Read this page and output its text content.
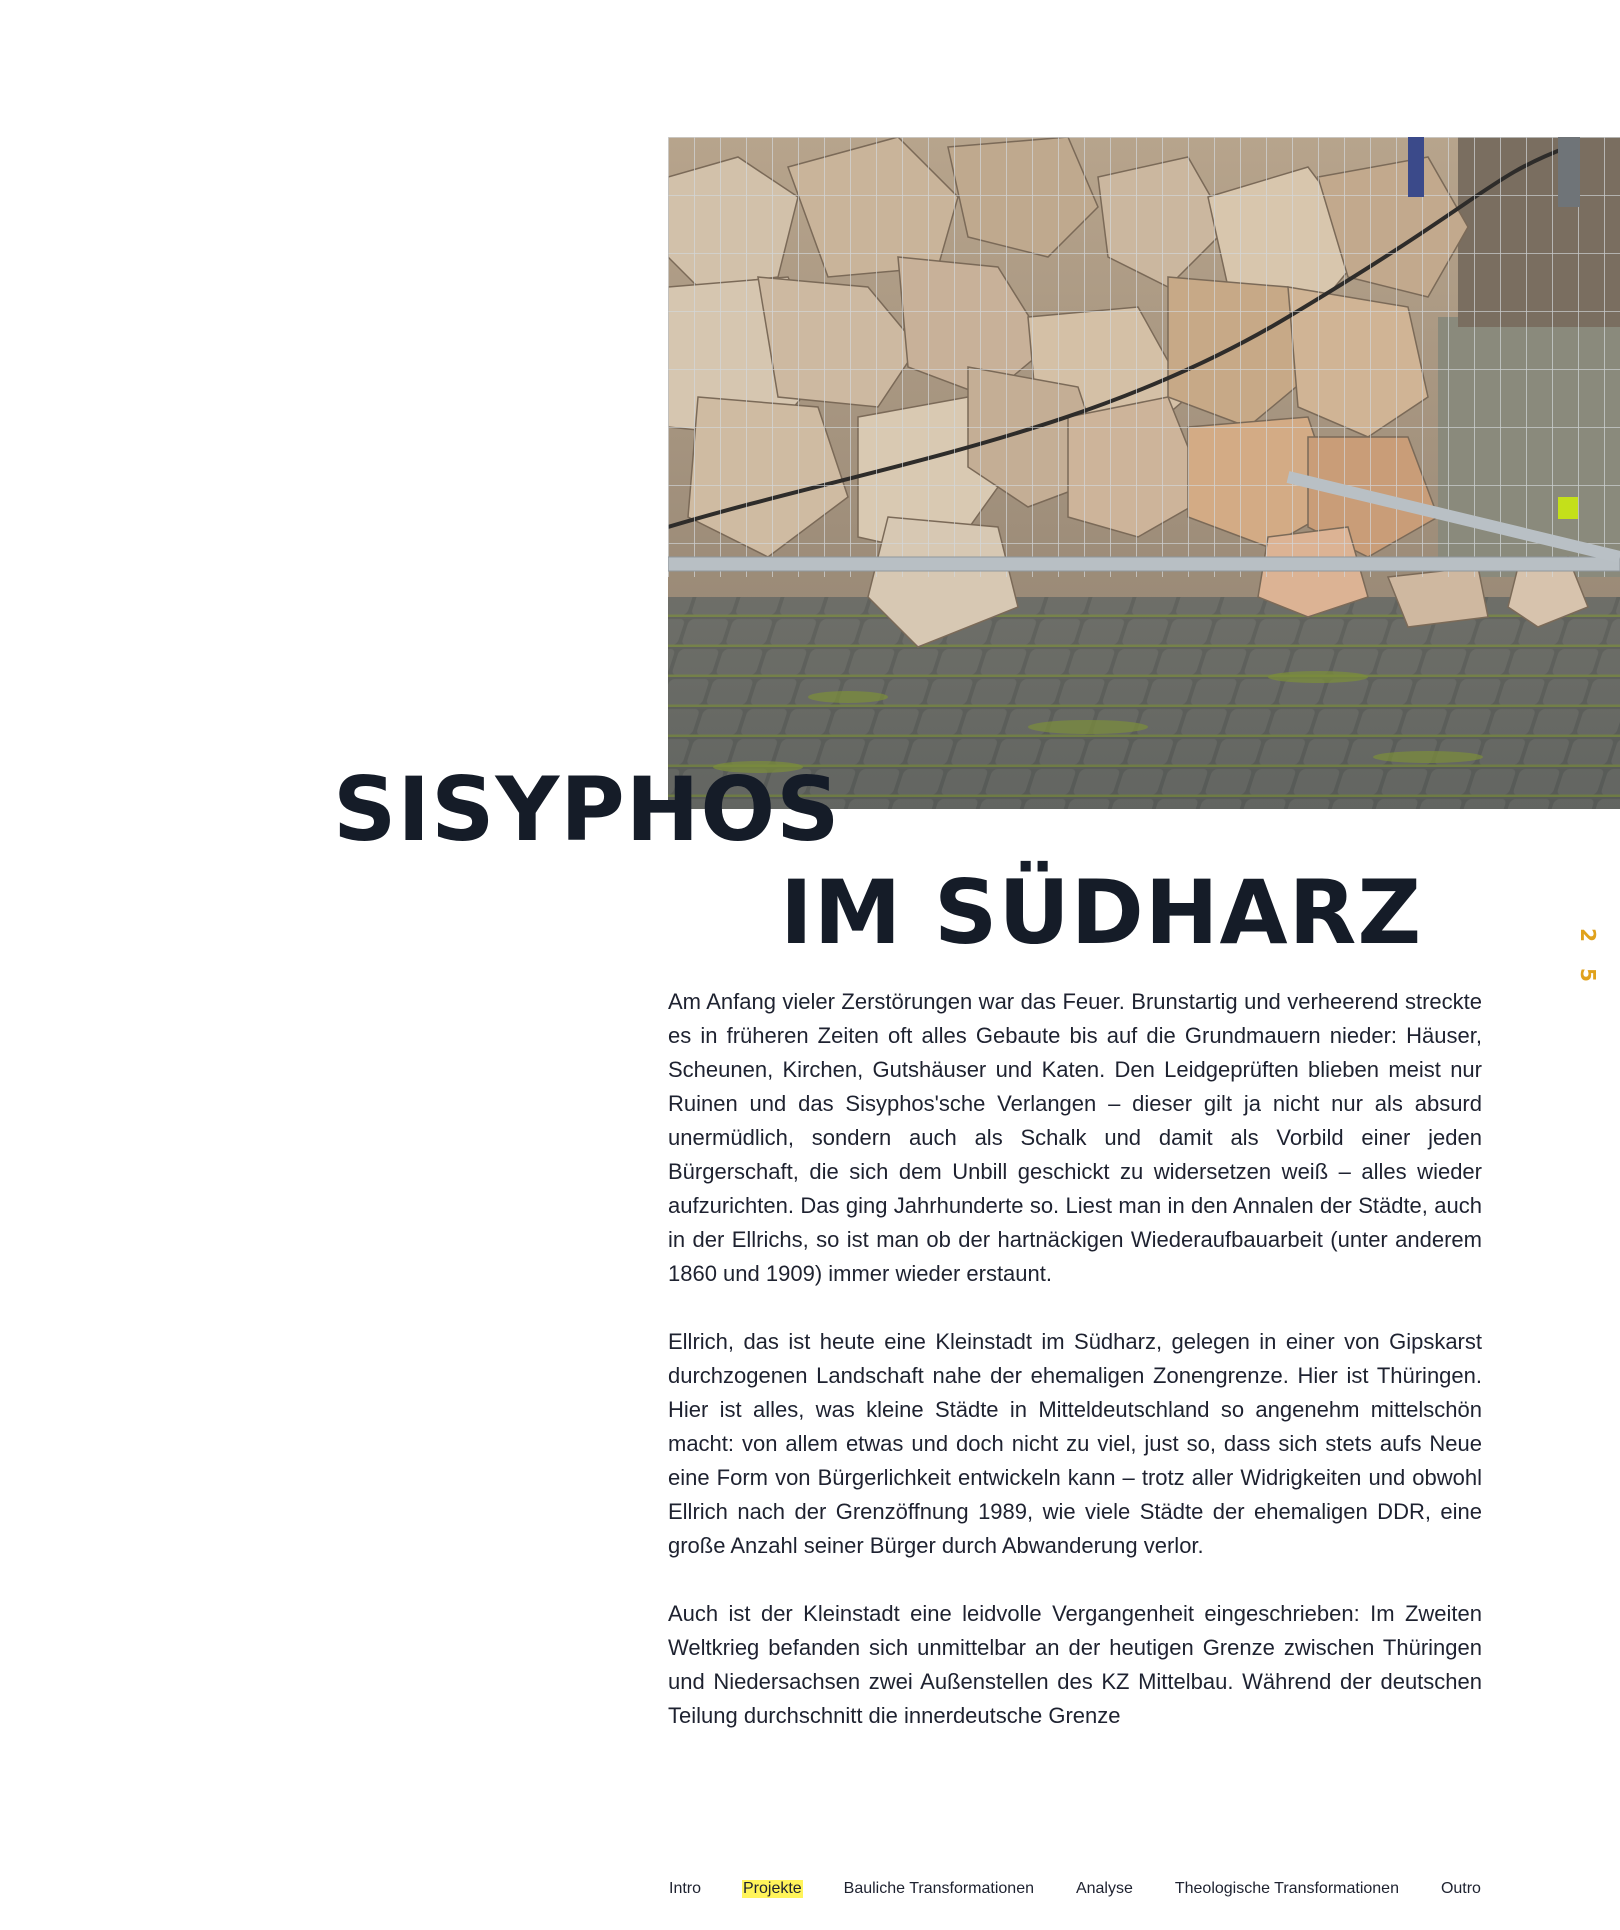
SISYPHOS
IM SÜDHARZ
25

Am Anfang vieler Zerstörungen war das Feuer. Brunstartig und verheerend streckte es in früheren Zeiten oft alles Gebaute bis auf die Grundmauern nieder: Häuser, Scheunen, Kirchen, Gutshäuser und Katen. Den Leidgeprüften blieben meist nur Ruinen und das Sisyphos'sche Verlangen – dieser gilt ja nicht nur als absurd unermüdlich, sondern auch als Schalk und damit als Vorbild einer jeden Bürgerschaft, die sich dem Unbill geschickt zu widersetzen weiß – alles wieder aufzurichten. Das ging Jahrhunderte so. Liest man in den Annalen der Städte, auch in der Ellrichs, so ist man ob der hartnäckigen Wiederaufbauarbeit (unter anderem 1860 und 1909) immer wieder erstaunt.

Ellrich, das ist heute eine Kleinstadt im Südharz, gelegen in einer von Gipskarst durchzogenen Landschaft nahe der ehemaligen Zonengrenze. Hier ist Thüringen. Hier ist alles, was kleine Städte in Mitteldeutschland so angenehm mittelschön macht: von allem etwas und doch nicht zu viel, just so, dass sich stets aufs Neue eine Form von Bürgerlichkeit entwickeln kann – trotz aller Widrigkeiten und obwohl Ellrich nach der Grenzöffnung 1989, wie viele Städte der ehemaligen DDR, eine große Anzahl seiner Bürger durch Abwanderung verlor.

Auch ist der Kleinstadt eine leidvolle Vergangenheit eingeschrieben: Im Zweiten Weltkrieg befanden sich unmittelbar an der heutigen Grenze zwischen Thüringen und Niedersachsen zwei Außenstellen des KZ Mittelbau. Während der deutschen Teilung durchschnitt die innerdeutsche Grenze

Intro	Projekte	Bauliche Transformationen	Analyse	Theologische Transformationen	Outro
